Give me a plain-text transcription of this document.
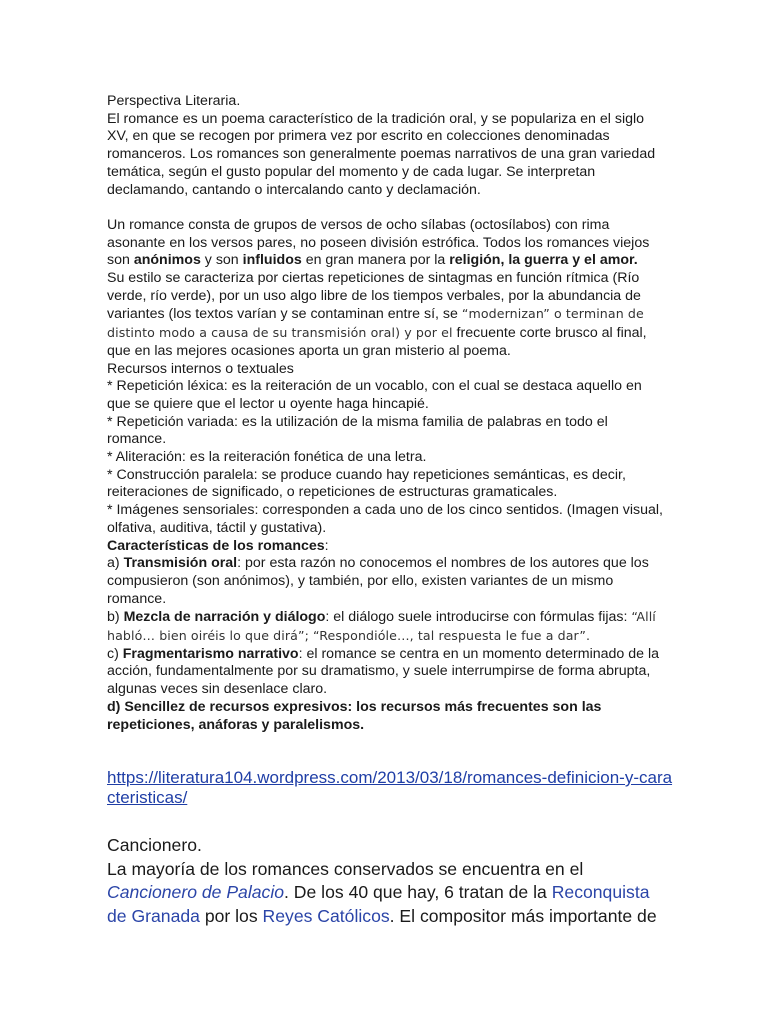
Perspectiva Literaria.

El romance es un poema característico de la tradición oral, y se populariza en el siglo XV, en que se recogen por primera vez por escrito en colecciones denominadas romanceros. Los romances son generalmente poemas narrativos de una gran variedad temática, según el gusto popular del momento y de cada lugar. Se interpretan declamando, cantando o intercalando canto y declamación.

Un romance consta de grupos de versos de ocho sílabas (octosílabos) con rima asonante en los versos pares, no poseen división estrófica. Todos los romances viejos son anónimos y son influidos en gran manera por la religión, la guerra y el amor.

Su estilo se caracteriza por ciertas repeticiones de sintagmas en función rítmica (Río verde, río verde), por un uso algo libre de los tiempos verbales, por la abundancia de variantes (los textos varían y se contaminan entre sí, se “modernizan” o terminan de distinto modo a causa de su transmisión oral) y por el frecuente corte brusco al final, que en las mejores ocasiones aporta un gran misterio al poema.

Recursos internos o textuales

* Repetición léxica: es la reiteración de un vocablo, con el cual se destaca aquello en que se quiere que el lector u oyente haga hincapié.

* Repetición variada: es la utilización de la misma familia de palabras en todo el romance.

* Aliteración: es la reiteración fonética de una letra.

* Construcción paralela: se produce cuando hay repeticiones semánticas, es decir, reiteraciones de significado, o repeticiones de estructuras gramaticales.

* Imágenes sensoriales: corresponden a cada uno de los cinco sentidos. (Imagen visual, olfativa, auditiva, táctil y gustativa).

Características de los romances:

a) Transmisión oral: por esta razón no conocemos el nombres de los autores que los compusieron (son anónimos), y también, por ello, existen variantes de un mismo romance.

b) Mezcla de narración y diálogo: el diálogo suele introducirse con fórmulas fijas: “Allí habló… bien oiréis lo que dirá”; “Respondióle…, tal respuesta le fue a dar”.

c) Fragmentarismo narrativo: el romance se centra en un momento determinado de la acción, fundamentalmente por su dramatismo, y suele interrumpirse de forma abrupta, algunas veces sin desenlace claro.

d) Sencillez de recursos expresivos: los recursos más frecuentes son las repeticiones, anáforas y paralelismos.

https://literatura104.wordpress.com/2013/03/18/romances-definicion-y-caracteristicas/

Cancionero.

La mayoría de los romances conservados se encuentra en el Cancionero de Palacio. De los 40 que hay, 6 tratan de la Reconquista de Granada por los Reyes Católicos. El compositor más importante de
